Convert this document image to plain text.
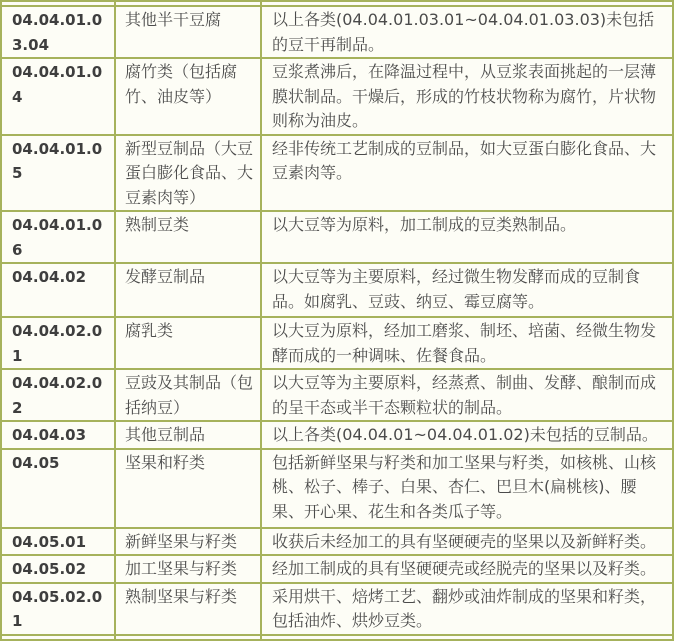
04.04.01.03.04	其他半干豆腐	以上各类(04.04.01.03.01~04.04.01.03.03)未包括的豆干再制品。
04.04.01.04	腐竹类（包括腐竹、油皮等）	豆浆煮沸后，在降温过程中，从豆浆表面挑起的一层薄膜状制品。干燥后，形成的竹枝状物称为腐竹，片状物则称为油皮。
04.04.01.05	新型豆制品（大豆蛋白膨化食品、大豆素肉等）	经非传统工艺制成的豆制品，如大豆蛋白膨化食品、大豆素肉等。
04.04.01.06	熟制豆类	以大豆等为原料，加工制成的豆类熟制品。
04.04.02	发酵豆制品	以大豆等为主要原料，经过微生物发酵而成的豆制食品。如腐乳、豆豉、纳豆、霉豆腐等。
04.04.02.01	腐乳类	以大豆为原料，经加工磨浆、制坯、培菌、经微生物发酵而成的一种调味、佐餐食品。
04.04.02.02	豆豉及其制品（包括纳豆）	以大豆等为主要原料，经蒸煮、制曲、发酵、酿制而成的呈干态或半干态颗粒状的制品。
04.04.03	其他豆制品	以上各类(04.04.01~04.04.01.02)未包括的豆制品。
04.05	坚果和籽类	包括新鲜坚果与籽类和加工坚果与籽类，如核桃、山核桃、松子、棒子、白果、杏仁、巴旦木(扁桃核)、腰果、开心果、花生和各类瓜子等。
04.05.01	新鲜坚果与籽类	收获后未经加工的具有坚硬硬壳的坚果以及新鲜籽类。
04.05.02	加工坚果与籽类	经加工制成的具有坚硬硬壳或经脱壳的坚果以及籽类。
04.05.02.01	熟制坚果与籽类	采用烘干、焙烤工艺、翻炒或油炸制成的坚果和籽类，包括油炸、烘炒豆类。
